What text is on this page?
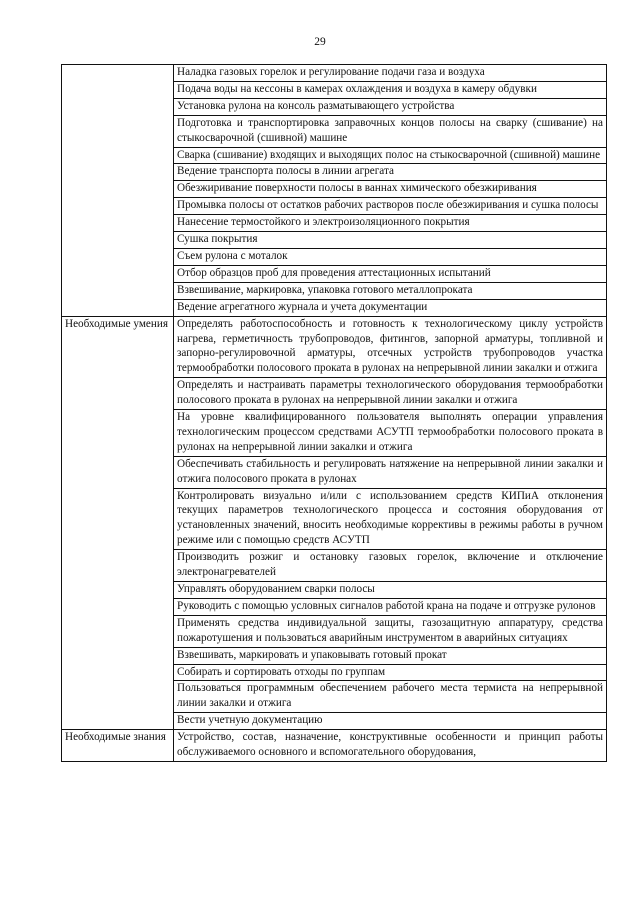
29
	Наладка газовых горелок и регулирование подачи газа и воздуха
	Подача воды на кессоны в камерах охлаждения и воздуха в камеру обдувки
	Установка рулона на консоль разматывающего устройства
	Подготовка и транспортировка заправочных концов полосы на сварку (сшивание) на стыкосварочной (сшивной) машине
	Сварка (сшивание) входящих и выходящих полос на стыкосварочной (сшивной) машине
	Ведение транспорта полосы в линии агрегата
	Обезжиривание поверхности полосы в ваннах химического обезжиривания
	Промывка полосы от остатков рабочих растворов после обезжиривания и сушка полосы
	Нанесение термостойкого и электроизоляционного покрытия
	Сушка покрытия
	Съем рулона с моталок
	Отбор образцов проб для проведения аттестационных испытаний
	Взвешивание, маркировка, упаковка готового металлопроката
	Ведение агрегатного журнала и учета документации
Необходимые умения	Определять работоспособность и готовность к технологическому циклу устройств нагрева, герметичность трубопроводов, фитингов, запорной арматуры, топливной и запорно-регулировочной арматуры, отсечных устройств трубопроводов участка термообработки полосового проката в рулонах на непрерывной линии закалки и отжига
	Определять и настраивать параметры технологического оборудования термообработки полосового проката в рулонах на непрерывной линии закалки и отжига
	На уровне квалифицированного пользователя выполнять операции управления технологическим процессом средствами АСУТП термообработки полосового проката в рулонах на непрерывной линии закалки и отжига
	Обеспечивать стабильность и регулировать натяжение на непрерывной линии закалки и отжига полосового проката в рулонах
	Контролировать визуально и/или с использованием средств КИПиА отклонения текущих параметров технологического процесса и состояния оборудования от установленных значений, вносить необходимые коррективы в режимы работы в ручном режиме или с помощью средств АСУТП
	Производить розжиг и остановку газовых горелок, включение и отключение электронагревателей
	Управлять оборудованием сварки полосы
	Руководить с помощью условных сигналов работой крана на подаче и отгрузке рулонов
	Применять средства индивидуальной защиты, газозащитную аппаратуру, средства пожаротушения и пользоваться аварийным инструментом в аварийных ситуациях
	Взвешивать, маркировать и упаковывать готовый прокат
	Собирать и сортировать отходы по группам
	Пользоваться программным обеспечением рабочего места термиста на непрерывной линии закалки и отжига
	Вести учетную документацию
Необходимые знания	Устройство, состав, назначение, конструктивные особенности и принцип работы обслуживаемого основного и вспомогательного оборудования,
